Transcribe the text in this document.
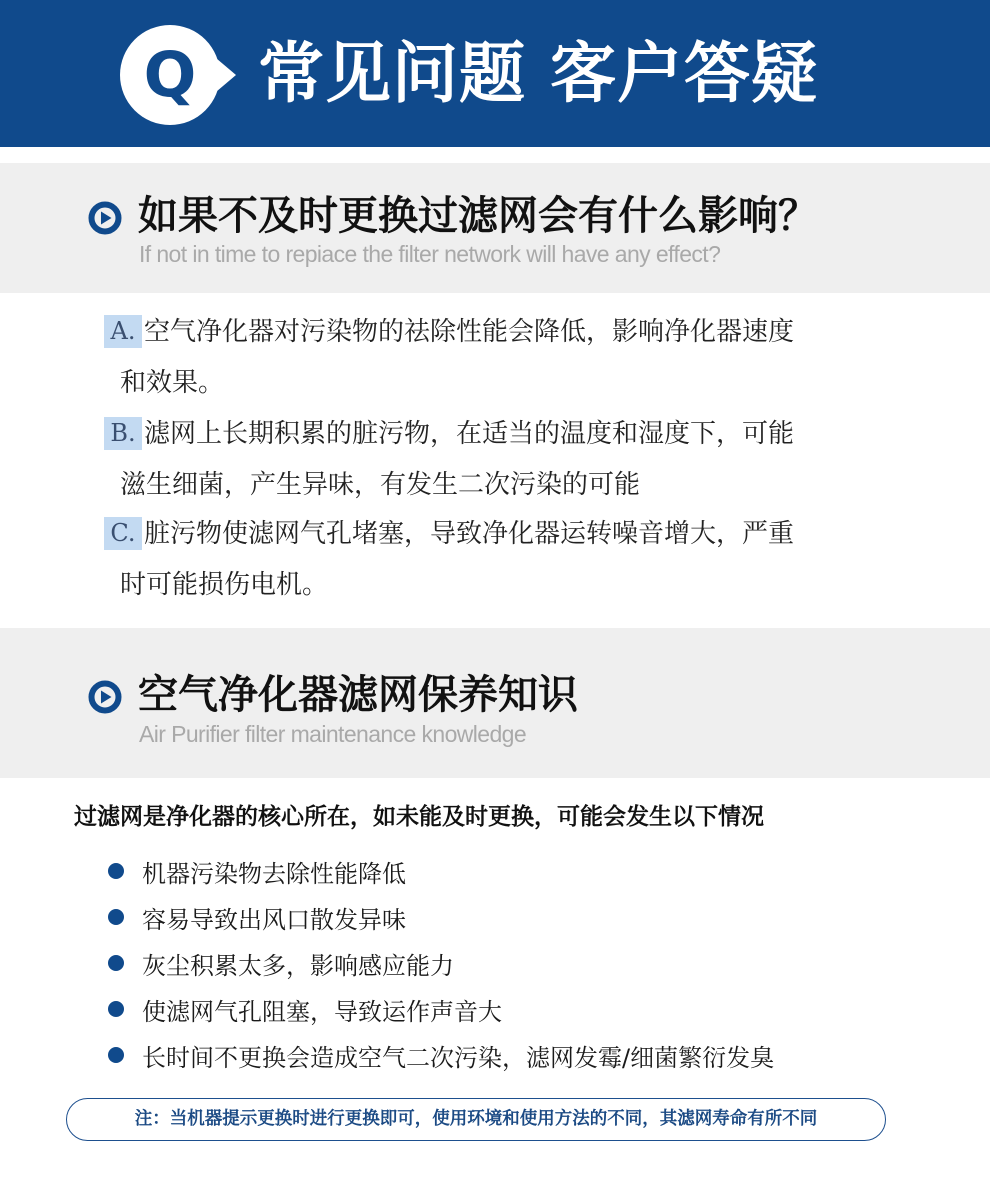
Q 常见问题 客户答疑
如果不及时更换过滤网会有什么影响？
If not in time to repiace the filter network will have any effect?
A. 空气净化器对污染物的祛除性能会降低，影响净化器速度
和效果。
B. 滤网上长期积累的脏污物，在适当的温度和湿度下，可能
滋生细菌，产生异味，有发生二次污染的可能
C. 脏污物使滤网气孔堵塞，导致净化器运转噪音增大，严重
时可能损伤电机。
空气净化器滤网保养知识
Air Purifier filter maintenance knowledge
过滤网是净化器的核心所在，如未能及时更换，可能会发生以下情况
机器污染物去除性能降低
容易导致出风口散发异味
灰尘积累太多，影响感应能力
使滤网气孔阻塞，导致运作声音大
长时间不更换会造成空气二次污染，滤网发霉/细菌繁衍发臭
注：当机器提示更换时进行更换即可，使用环境和使用方法的不同，其滤网寿命有所不同
